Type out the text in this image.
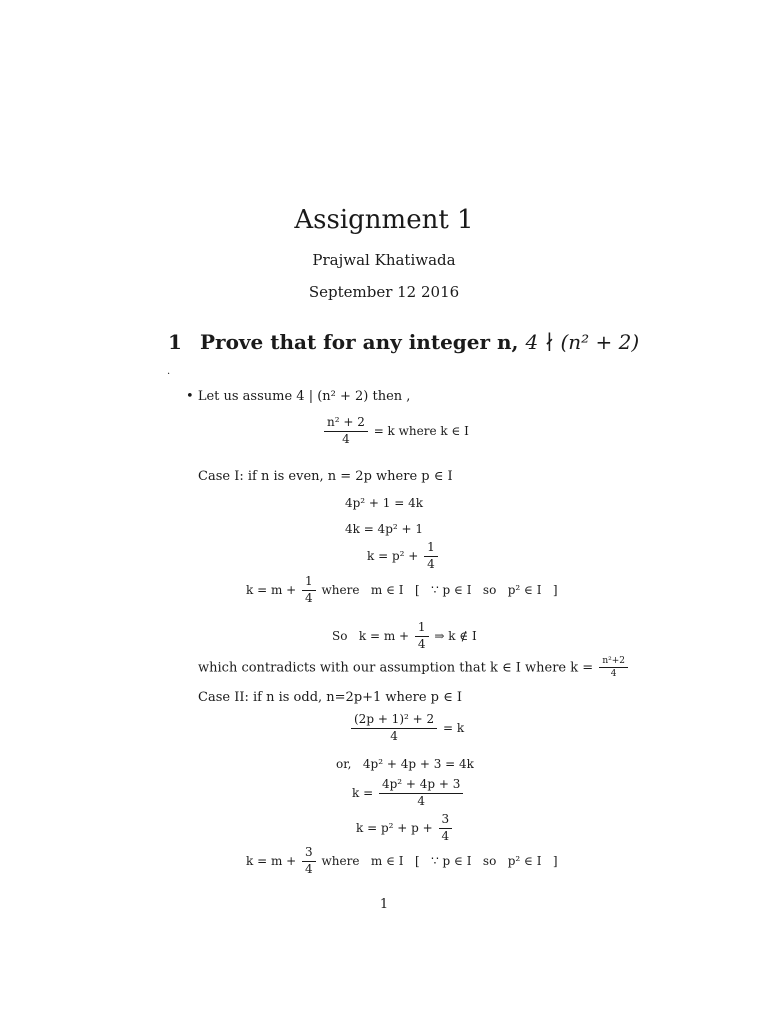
Assignment 1
Prajwal Khatiwada
September 12 2016
1 Prove that for any integer n, 4 ∤ (n² + 2)
.
• Let us assume 4 | (n² + 2) then ,
$\frac{\text{n² + 2}}{4} = k$ where k ∈ I
Case I: if n is even, n = 2p where p ∈ I
4p² + 1 = 4k
4k = 4p² + 1
$k = p^2 + \frac{1}{4}$
$k = m + \frac{1}{4}$ where   m ∈ I   [   ∵ p ∈ I   so   p² ∈ I   ]
So   $k = m + \frac{1}{4}$ ⇒ k ∉ I
which contradicts with our assumption that k ∈ I where $k = \frac{\text{n²+2}}{4}$
Case II: if n is odd, n=2p+1 where p ∈ I
$\frac{\text{(2p + 1)² + 2}}{4} = k$
or,   4p² + 4p + 3 = 4k
$k = \frac{\text{4p² + 4p + 3}}{4}$
$k = p^2 + p + \frac{3}{4}$
$k = m + \frac{3}{4}$ where   m ∈ I   [   ∵ p ∈ I   so   p² ∈ I   ]
1
